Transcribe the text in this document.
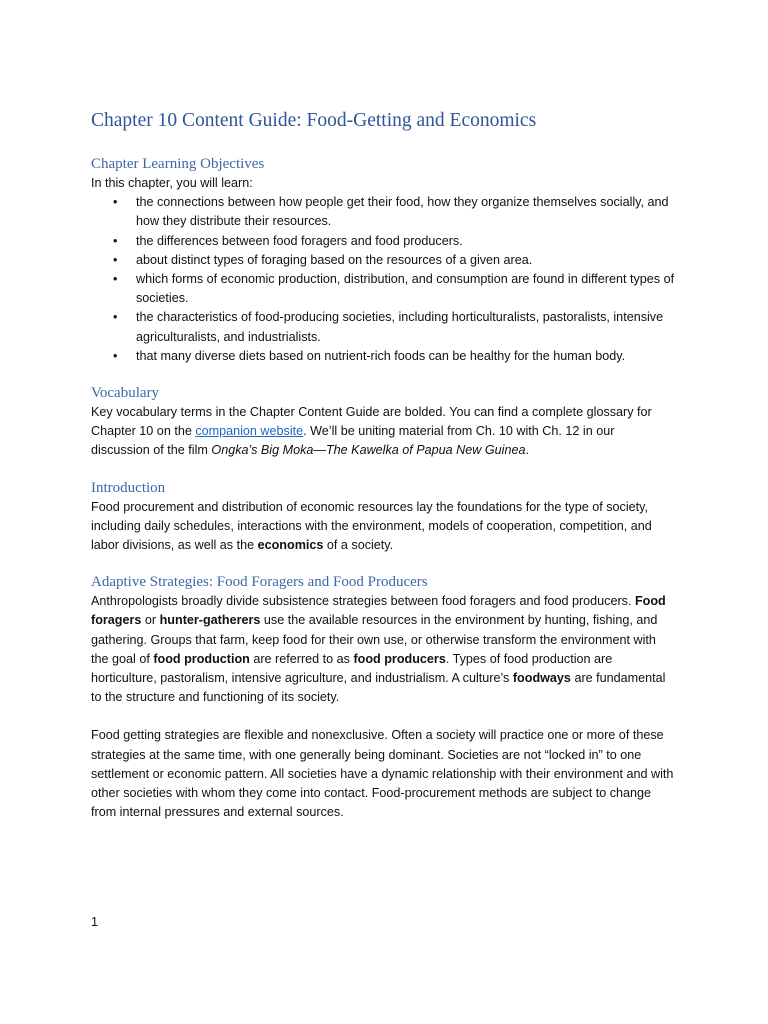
Chapter 10 Content Guide: Food-Getting and Economics
Chapter Learning Objectives

In this chapter, you will learn:

• the connections between how people get their food, how they organize themselves socially, and how they distribute their resources.
• the differences between food foragers and food producers.
• about distinct types of foraging based on the resources of a given area.
• which forms of economic production, distribution, and consumption are found in different types of societies.
• the characteristics of food-producing societies, including horticulturalists, pastoralists, intensive agriculturalists, and industrialists.
• that many diverse diets based on nutrient-rich foods can be healthy for the human body.
Vocabulary

Key vocabulary terms in the Chapter Content Guide are bolded. You can find a complete glossary for Chapter 10 on the companion website. We’ll be uniting material from Ch. 10 with Ch. 12 in our discussion of the film Ongka’s Big Moka—The Kawelka of Papua New Guinea.

Introduction

Food procurement and distribution of economic resources lay the foundations for the type of society, including daily schedules, interactions with the environment, models of cooperation, competition, and labor divisions, as well as the economics of a society.

Adaptive Strategies: Food Foragers and Food Producers

Anthropologists broadly divide subsistence strategies between food foragers and food producers. Food foragers or hunter-gatherers use the available resources in the environment by hunting, fishing, and gathering. Groups that farm, keep food for their own use, or otherwise transform the environment with the goal of food production are referred to as food producers. Types of food production are horticulture, pastoralism, intensive agriculture, and industrialism. A culture’s foodways are fundamental to the structure and functioning of its society.

Food getting strategies are flexible and nonexclusive. Often a society will practice one or more of these strategies at the same time, with one generally being dominant. Societies are not “locked in” to one settlement or economic pattern. All societies have a dynamic relationship with their environment and with other societies with whom they come into contact. Food-procurement methods are subject to change from internal pressures and external sources.

1
